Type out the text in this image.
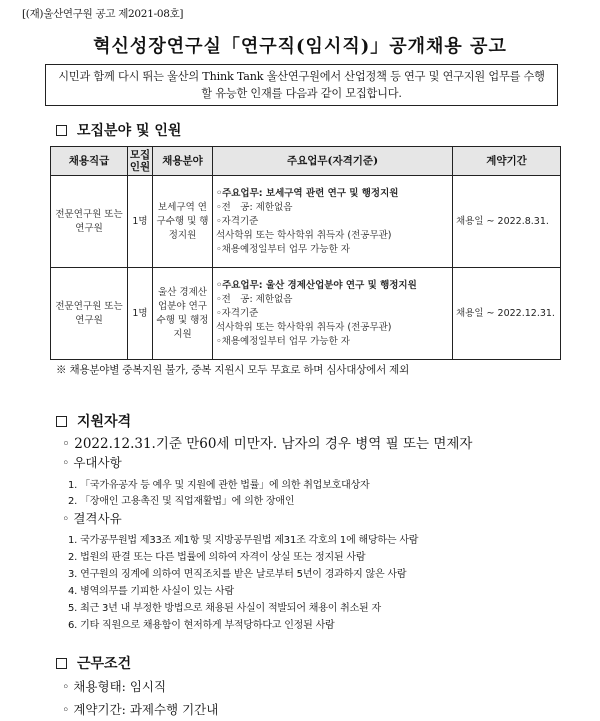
[(재)울산연구원 공고 제2021-08호]
혁신성장연구실「연구직(임시직)」공개채용 공고
시민과 함께 다시 뛰는 울산의 Think Tank 울산연구원에서 산업정책 등 연구 및 연구지원 업무를 수행할 유능한 인재를 다음과 같이 모집합니다.
모집분야 및 인원
채용직급	모집인원	채용분야	주요업무(자격기준)	계약기간
전문연구원 또는 연구원	1명	보세구역 연구수행 및 행정지원	◦주요업무: 보세구역 관련 연구 및 행정지원
◦전　공: 제한없음
◦자격기준
석사학위 또는 학사학위 취득자 (전공무관)
◦채용예정일부터 업무 가능한 자	채용일 ~ 2022.8.31.
전문연구원 또는 연구원	1명	울산 경제산업분야 연구수행 및 행정지원	◦주요업무: 울산 경제산업분야 연구 및 행정지원
◦전　공: 제한없음
◦자격기준
석사학위 또는 학사학위 취득자 (전공무관)
◦채용예정일부터 업무 가능한 자	채용일 ~ 2022.12.31.
※ 채용분야별 중복지원 불가, 중복 지원시 모두 무효로 하며 심사대상에서 제외
지원자격
◦ 2022.12.31.기준 만60세 미만자. 남자의 경우 병역 필 또는 면제자
◦ 우대사항
1. 「국가유공자 등 예우 및 지원에 관한 법률」에 의한 취업보호대상자
2. 「장애인 고용촉진 및 직업재활법」에 의한 장애인
◦ 결격사유
1. 국가공무원법 제33조 제1항 및 지방공무원법 제31조 각호의 1에 해당하는 사람
2. 법원의 판결 또는 다른 법률에 의하여 자격이 상실 또는 정지된 사람
3. 연구원의 징계에 의하여 면직조치를 받은 날로부터 5년이 경과하지 않은 사람
4. 병역의무를 기피한 사실이 있는 사람
5. 최근 3년 내 부정한 방법으로 채용된 사실이 적발되어 채용이 취소된 자
6. 기타 직원으로 채용함이 현저하게 부적당하다고 인정된 사람
근무조건
◦ 채용형태: 임시직
◦ 계약기간: 과제수행 기간내
